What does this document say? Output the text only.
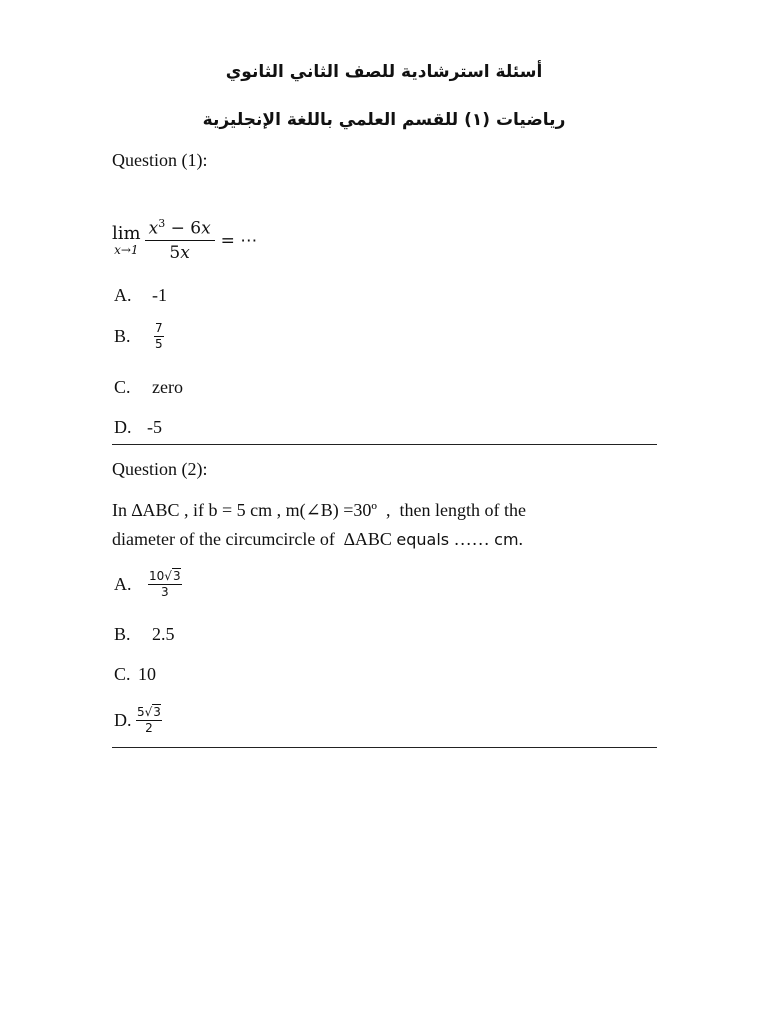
أسئلة استرشادية للصف الثاني الثانوي
رياضيات (١) للقسم العلمي باللغة الإنجليزية
Question (1):
lim
$x\to 1 \frac{x^3 - 6x}{5x}$ = ⋯
A. -1
B.	$\frac{7}{5}$
C. zero
D. -5
Question (2):
In ∆ABC , if b = 5 cm , m(∠B) =30º  ,  then length of the
diameter of the circumcircle of  ∆ABC equals …… cm.
A.	$\frac{10√3}{3}$
B. 2.5
C. 10
D. $\frac{5√3}{2}$
